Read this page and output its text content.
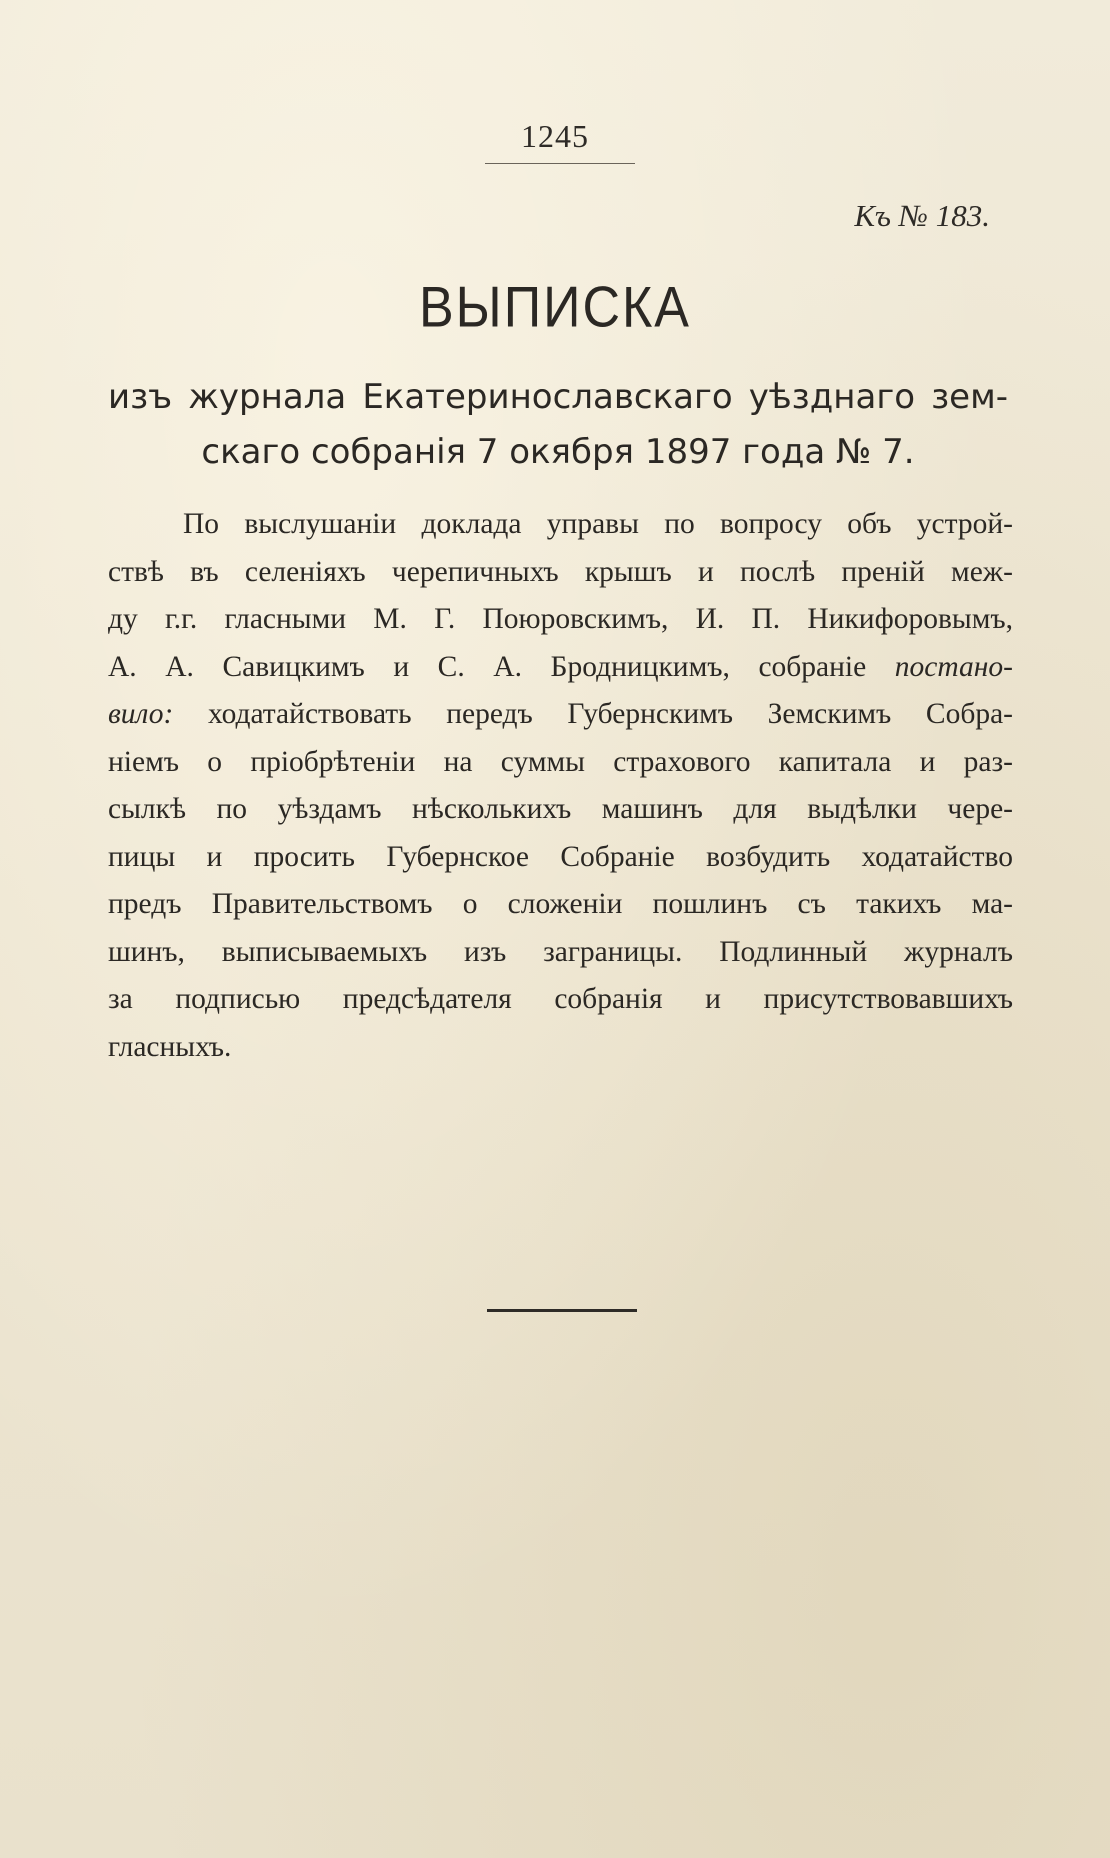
1245
Къ № 183.
ВЫПИСКА
изъ журнала Екатеринославскаго уѣзднаго зем-
скаго собранія 7 окября 1897 года № 7.
По выслушаніи доклада управы по вопросу объ устрой-
ствѣ въ селеніяхъ черепичныхъ крышъ и послѣ преній меж-
ду г.г. гласными М. Г. Поюровскимъ, И. П. Никифоровымъ,
А. А. Савицкимъ и С. А. Бродницкимъ, собраніе постано-
вило: ходатайствовать передъ Губернскимъ Земскимъ Собра-
ніемъ о пріобрѣтеніи на суммы страхового капитала и раз-
сылкѣ по уѣздамъ нѣсколькихъ машинъ для выдѣлки чере-
пицы и просить Губернское Собраніе возбудить ходатайство
предъ Правительствомъ о сложеніи пошлинъ съ такихъ ма-
шинъ, выписываемыхъ изъ заграницы. Подлинный журналъ
за подписью предсѣдателя собранія и присутствовавшихъ
гласныхъ.
